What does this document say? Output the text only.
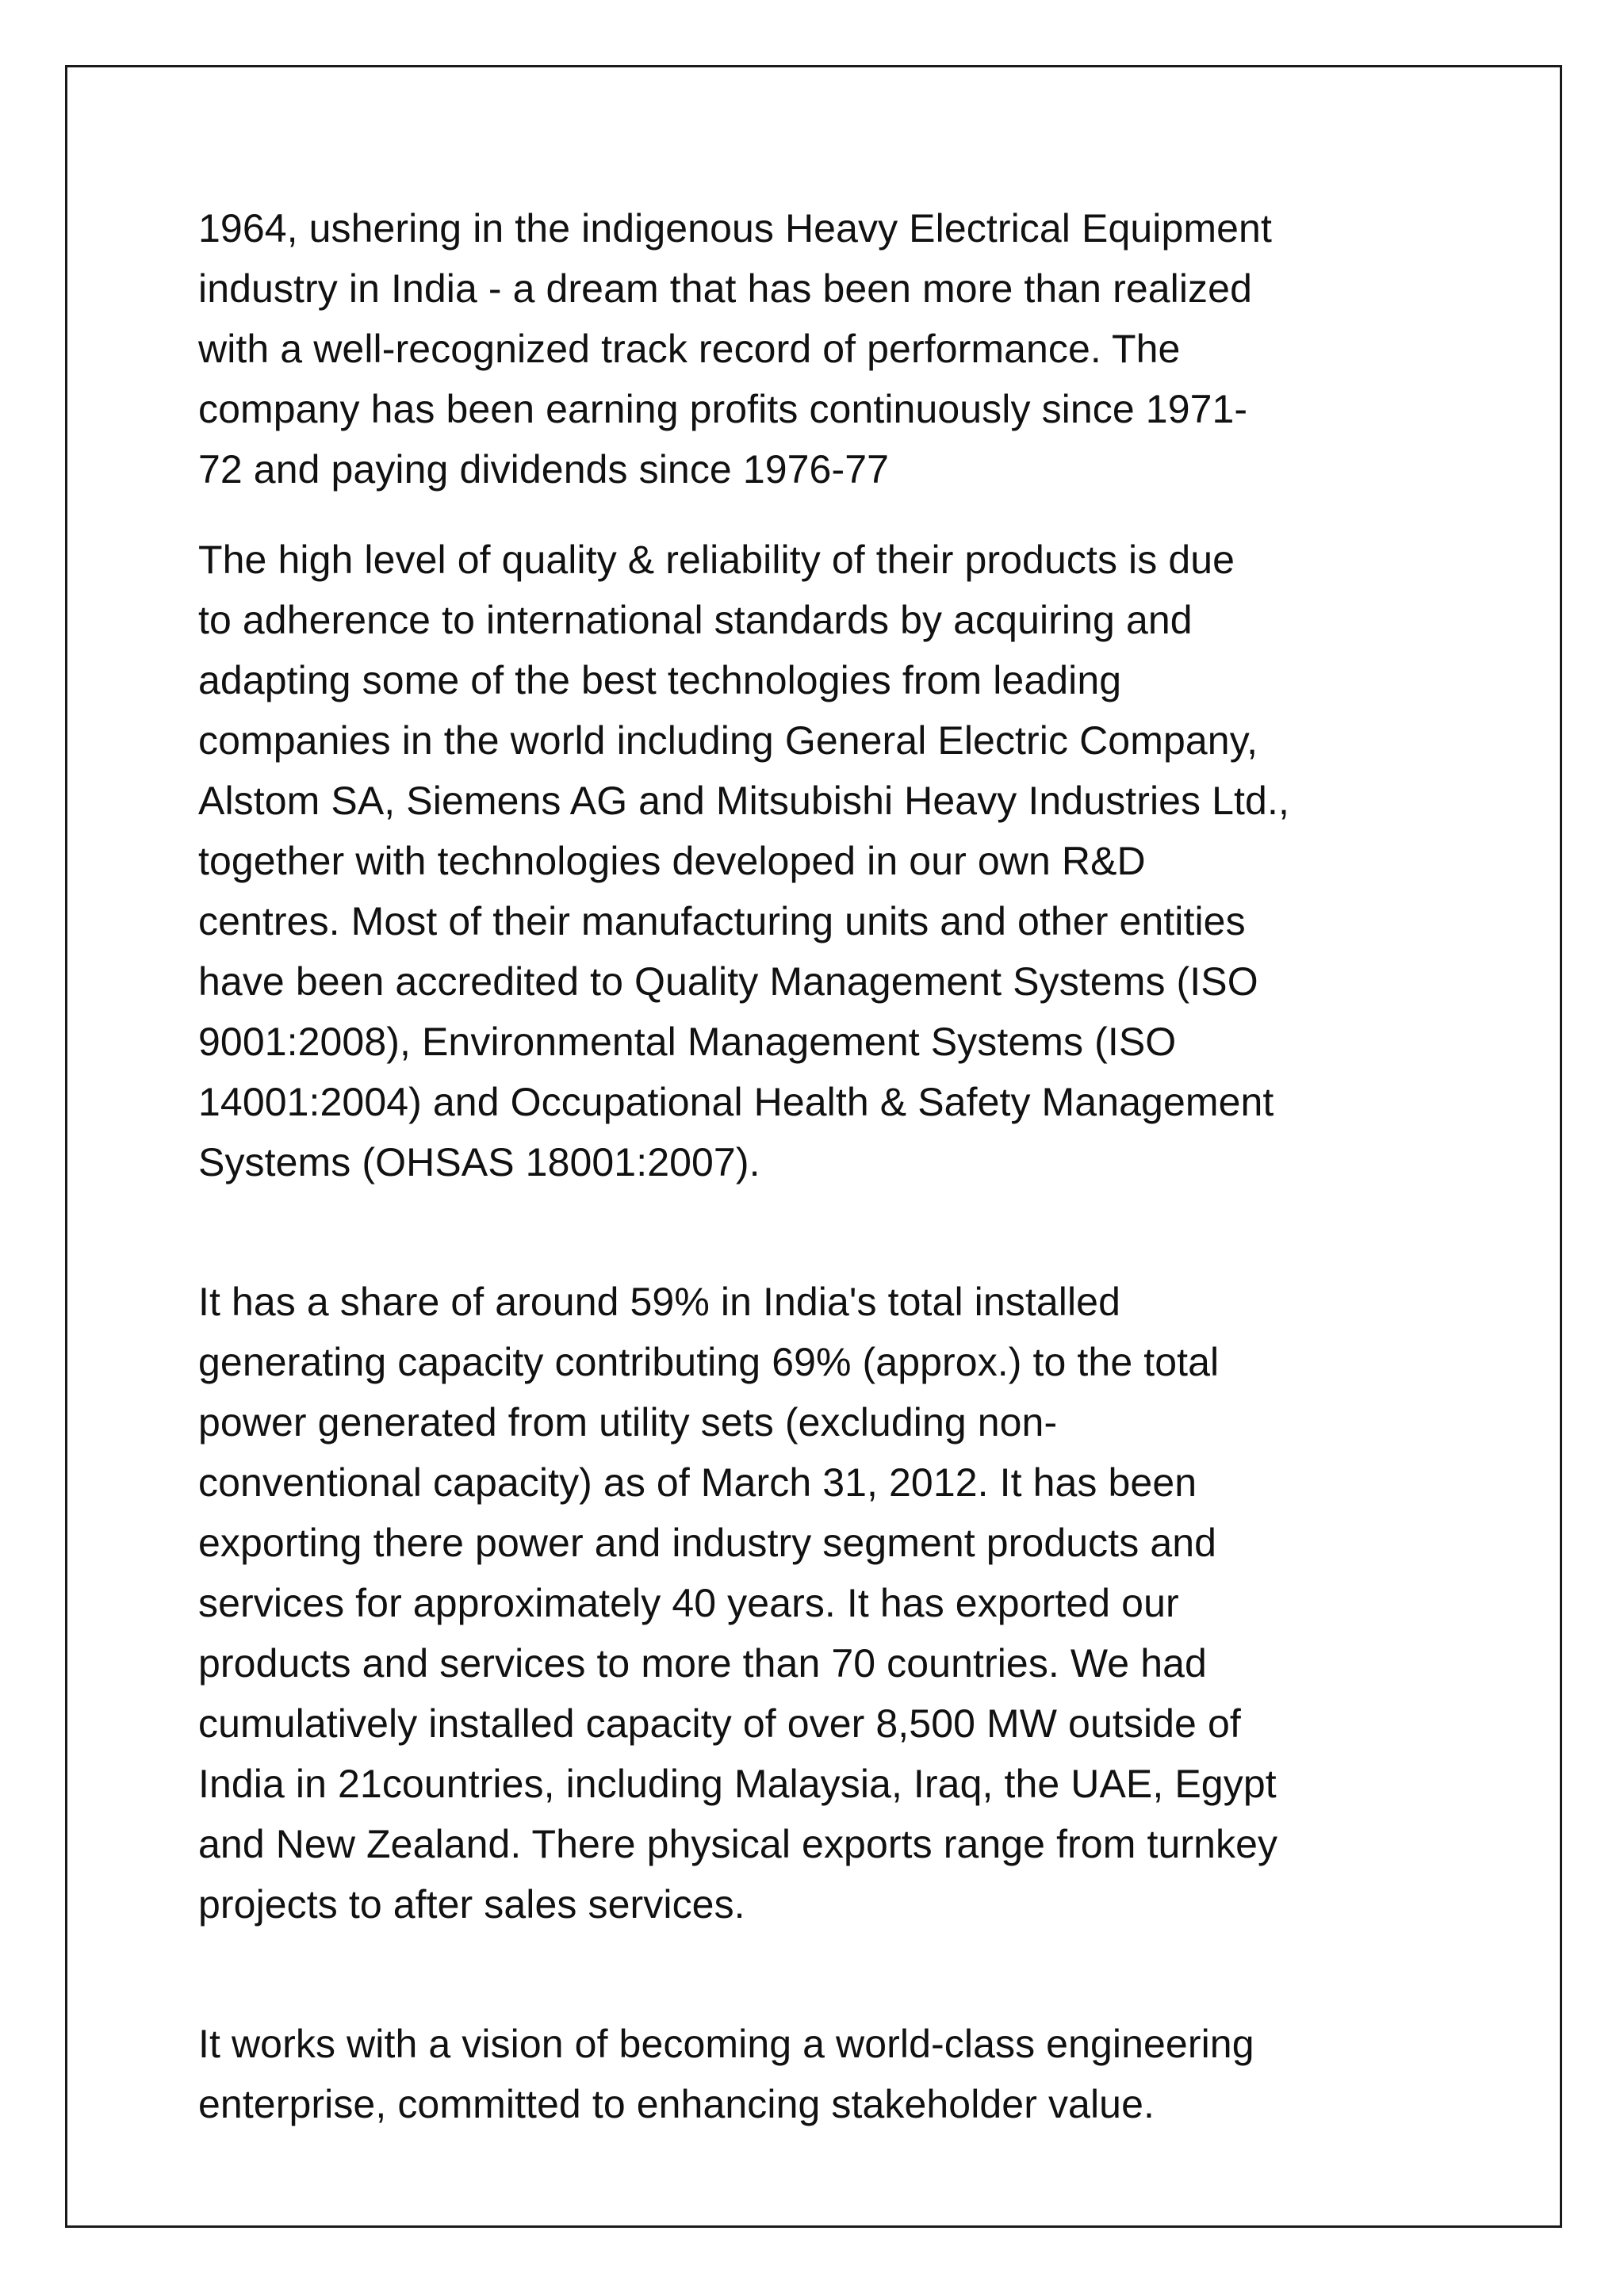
1964, ushering in the indigenous Heavy Electrical Equipment
industry in India - a dream that has been more than realized
with a well-recognized track record of performance. The
company has been earning profits continuously since 1971-
72 and paying dividends since 1976-77
The high level of quality & reliability of their products is due
to adherence to international standards by acquiring and
adapting some of the best technologies from leading
companies in the world including General Electric Company,
Alstom SA, Siemens AG and Mitsubishi Heavy Industries Ltd.,
together with technologies developed in our own R&D
centres. Most of their manufacturing units and other entities
have been accredited to Quality Management Systems (ISO
9001:2008), Environmental Management Systems (ISO
14001:2004) and Occupational Health & Safety Management
Systems (OHSAS 18001:2007).
It has a share of around 59% in India's total installed
generating capacity contributing 69% (approx.) to the total
power generated from utility sets (excluding non-
conventional capacity) as of March 31, 2012. It has been
exporting there power and industry segment products and
services for approximately 40 years. It has exported our
products and services to more than 70 countries. We had
cumulatively installed capacity of over 8,500 MW outside of
India in 21countries, including Malaysia, Iraq, the UAE, Egypt
and New Zealand. There physical exports range from turnkey
projects to after sales services.
It works with a vision of becoming a world-class engineering
enterprise, committed to enhancing stakeholder value.
